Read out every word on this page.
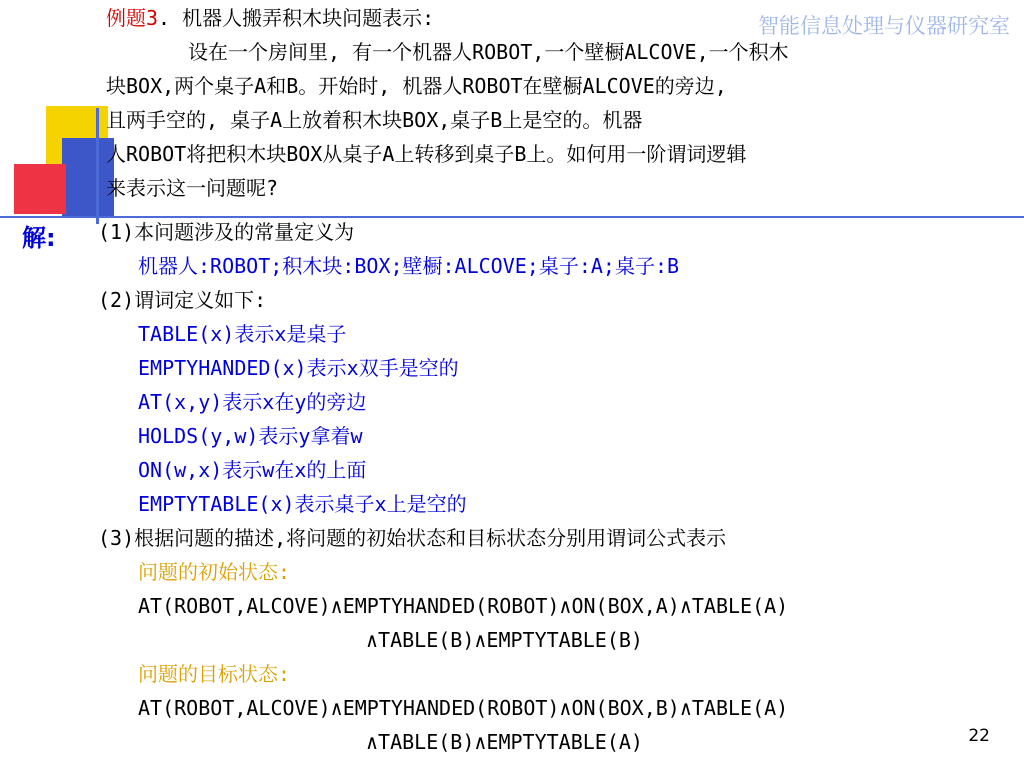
智能信息处理与仪器研究室
例题3. 机器人搬弄积木块问题表示:
设在一个房间里, 有一个机器人ROBOT,一个壁橱ALCOVE,一个积木
块BOX,两个桌子A和B。开始时, 机器人ROBOT在壁橱ALCOVE的旁边,
且两手空的, 桌子A上放着积木块BOX,桌子B上是空的。机器
人ROBOT将把积木块BOX从桌子A上转移到桌子B上。如何用一阶谓词逻辑
来表示这一问题呢?
解: (1)本问题涉及的常量定义为
机器人:ROBOT;积木块:BOX;壁橱:ALCOVE;桌子:A;桌子:B
(2)谓词定义如下:
TABLE(x)表示x是桌子
EMPTYHANDED(x)表示x双手是空的
AT(x,y)表示x在y的旁边
HOLDS(y,w)表示y拿着w
ON(w,x)表示w在x的上面
EMPTYTABLE(x)表示桌子x上是空的
(3)根据问题的描述,将问题的初始状态和目标状态分别用谓词公式表示
问题的初始状态:
AT(ROBOT,ALCOVE)∧EMPTYHANDED(ROBOT)∧ON(BOX,A)∧TABLE(A)
∧TABLE(B)∧EMPTYTABLE(B)
问题的目标状态:
AT(ROBOT,ALCOVE)∧EMPTYHANDED(ROBOT)∧ON(BOX,B)∧TABLE(A)
∧TABLE(B)∧EMPTYTABLE(A)	22
